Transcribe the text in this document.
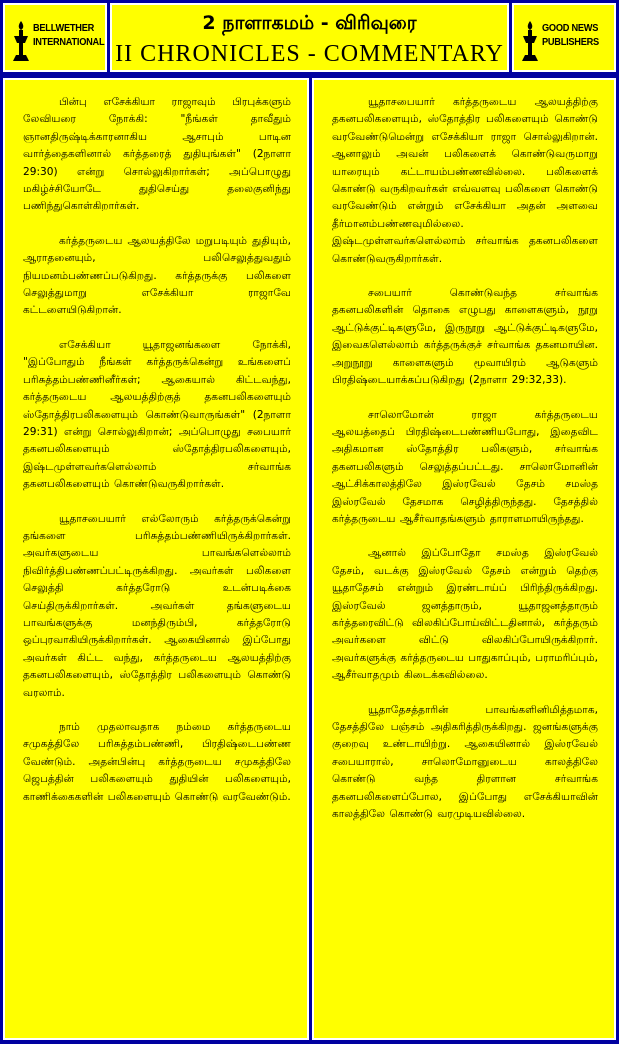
BELLWETHER
INTERNATIONAL
2 நாளாகமம் - விரிவுரை
II CHRONICLES - COMMENTARY
GOOD NEWS
PUBLISHERS

பின்பு எசேக்கியா ராஜாவும் பிரபுக்களும் லேவியரை நோக்கி: "நீங்கள் தாவீதும் ஞானதிருஷ்டிக்காரனாகிய ஆசாபும் பாடின வார்த்தைகளினால் கர்த்தரைத் துதியுங்கள்" (2நாளா 29:30) என்று சொல்லுகிறார்கள்; அப்பொழுது மகிழ்ச்சியோடே துதிசெய்து தலைகுனிந்து பணிந்துகொள்கிறார்கள்.

கர்த்தருடைய ஆலயத்திலே மறுபடியும் துதியும், ஆராதனையும், பலிசெலுத்துவதும் நியமனம்பண்ணப்படுகிறது. கர்த்தருக்கு பலிகளை செலுத்துமாறு எசேக்கியா ராஜாவே கட்டளையிடுகிறான்.

எசேக்கியா யூதாஜனங்களை நோக்கி, "இப்போதும் நீங்கள் கர்த்தருக்கென்று உங்களைப் பரிசுத்தம்பண்ணினீர்கள்; ஆகையால் கிட்டவந்து, கர்த்தருடைய ஆலயத்திற்குத் தகனபலிகளையும் ஸ்தோத்திரபலிகளையும் கொண்டுவாருங்கள்" (2நாளா 29:31) என்று சொல்லுகிறான்; அப்பொழுது சபையார் தகனபலிகளையும் ஸ்தோத்திரபலிகளையும், இஷ்டமுள்ளவர்களெல்லாம் சர்வாங்க தகனபலிகளையும் கொண்டுவருகிறார்கள்.

யூதாசபையார் எல்லோரும் கர்த்தருக்கென்று தங்களை பரிசுத்தம்பண்ணியிருக்கிறார்கள். அவர்களுடைய பாவங்களெல்லாம் நிவிர்த்திபண்ணப்பட்டிருக்கிறது. அவர்கள் பலிகளை செலுத்தி கர்த்தரோடு உடன்படிக்கை செய்திருக்கிறார்கள். அவர்கள் தங்களுடைய பாவங்களுக்கு மனந்திரும்பி, கர்த்தரோடு ஒப்புரவாகியிருக்கிறார்கள். ஆகையினால் இப்போது அவர்கள் கிட்ட வந்து, கர்த்தருடைய ஆலயத்திற்கு தகனபலிகளையும், ஸ்தோத்திர பலிகளையும் கொண்டு வரலாம்.

நாம் முதலாவதாக நம்மை கர்த்தருடைய சமுகத்திலே பரிசுத்தம்பண்ணி, பிரதிஷ்டைபண்ண வேண்டும். அதன்பின்பு கர்த்தருடைய சமுகத்திலே ஜெபத்தின் பலிகளையும் துதியின் பலிகளையும், காணிக்கைகளின் பலிகளையும் கொண்டு வரவேண்டும்.

யூதாசபையார் கர்த்தருடைய ஆலயத்திற்கு தகனபலிகளையும், ஸ்தோத்திர பலிகளையும் கொண்டு வரவேண்டுமென்று எசேக்கியா ராஜா சொல்லுகிறான். ஆனாலும் அவன் பலிகளைக் கொண்டுவருமாறு யாரையும் கட்டாயம்பண்ணவில்லை. பலிகளைக் கொண்டு வருகிறவர்கள் எவ்வளவு பலிகளை கொண்டு வரவேண்டும் என்றும் எசேக்கியா அதன் அளவை தீர்மானம்பண்ணவுமில்லை. இஷ்டமுள்ளவர்களெல்லாம் சர்வாங்க தகனபலிகளை கொண்டுவருகிறார்கள்.

சபையார் கொண்டுவந்த சர்வாங்க தகனபலிகளின் தொகை எழுபது காளைகளும், நூறு ஆட்டுக்குட்டிகளுமே, இருநூறு ஆட்டுக்குட்டிகளுமே, இவைகளெல்லாம் கர்த்தருக்குச் சர்வாங்க தகனமாயின. அறுநூறு காளைகளும் மூவாயிரம் ஆடுகளும் பிரதிஷ்டையாக்கப்படுகிறது (2நாளா 29:32,33).

சாலொமோன் ராஜா கர்த்தருடைய ஆலயத்தைப் பிரதிஷ்டைபண்ணியபோது, இதைவிட அதிகமான ஸ்தோத்திர பலிகளும், சர்வாங்க தகனபலிகளும் செலுத்தப்பட்டது. சாலொமோனின் ஆட்சிக்காலத்திலே இஸ்ரவேல் தேசம் சமஸ்த இஸ்ரவேல் தேசமாக செழித்திருந்தது. தேசத்தில் கர்த்தருடைய ஆசீர்வாதங்களும் தாராளமாயிருந்தது.

ஆனால் இப்போதோ சமஸ்த இஸ்ரவேல் தேசம், வடக்கு இஸ்ரவேல் தேசம் என்றும் தெற்கு யூதாதேசம் என்றும் இரண்டாய்ப் பிரிந்திருக்கிறது. இஸ்ரவேல் ஜனத்தாரும், யூதாஜனத்தாரும் கர்த்தரைவிட்டு விலகிப்போய்விட்டதினால், கர்த்தரும் அவர்களை விட்டு விலகிப்போயிருக்கிறார். அவர்களுக்கு கர்த்தருடைய பாதுகாப்பும், பராமரிப்பும், ஆசீர்வாதமும் கிடைக்கவில்லை.

யூதாதேசத்தாரின் பாவங்களினிமித்தமாக, தேசத்திலே பஞ்சம் அதிகரித்திருக்கிறது. ஜனங்களுக்கு குறைவு உண்டாயிற்று. ஆகையினால் இஸ்ரவேல் சபையாரால், சாலொமோனுடைய காலத்திலே கொண்டு வந்த திரளான சர்வாங்க தகனபலிகளைப்போல, இப்போது எசேக்கியாவின் காலத்திலே கொண்டு வரமுடியவில்லை.
